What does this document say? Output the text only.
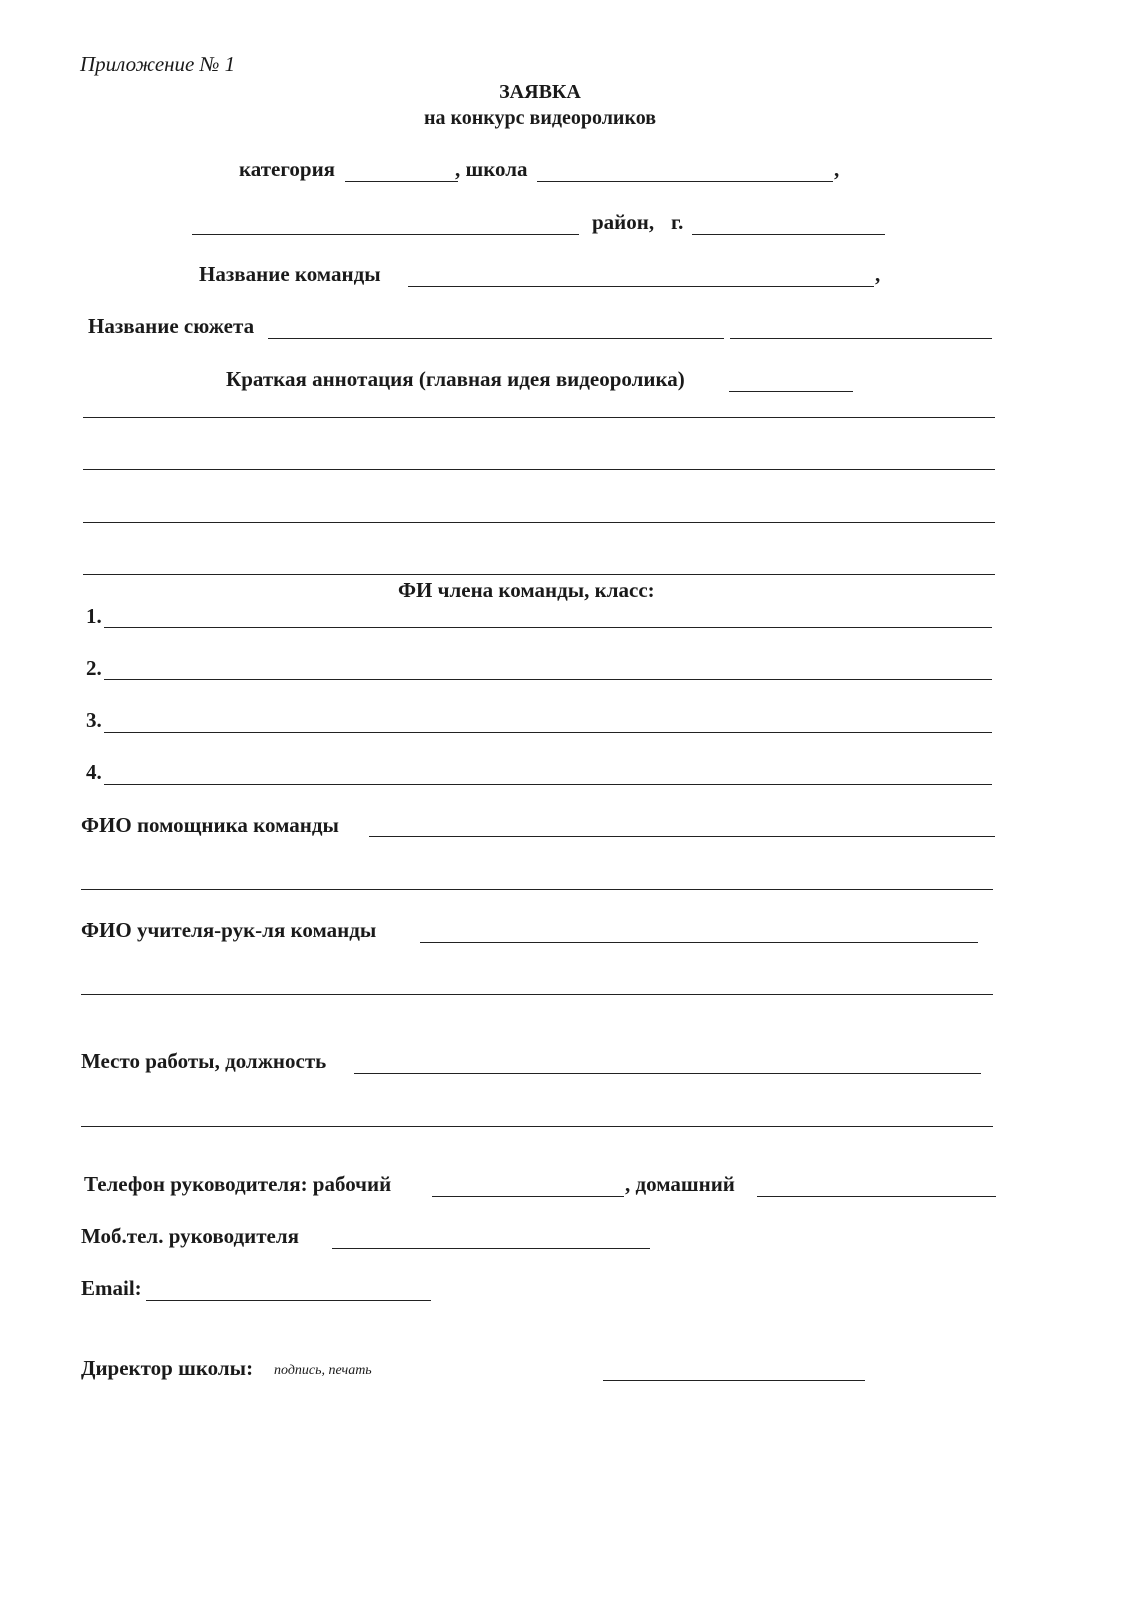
Приложение № 1
ЗАЯВКА
на конкурс видеороликов
категория	, школа	,
район, г.
Название команды	,
Название сюжета
Краткая аннотация (главная идея видеоролика)
ФИ члена команды, класс:
1.
2.
3.
4.
ФИО помощника команды
ФИО учителя-рук-ля команды
Место работы, должность
Телефон руководителя: рабочий	, домашний
Моб.тел. руководителя
Email:
Директор школы: подпись, печать
